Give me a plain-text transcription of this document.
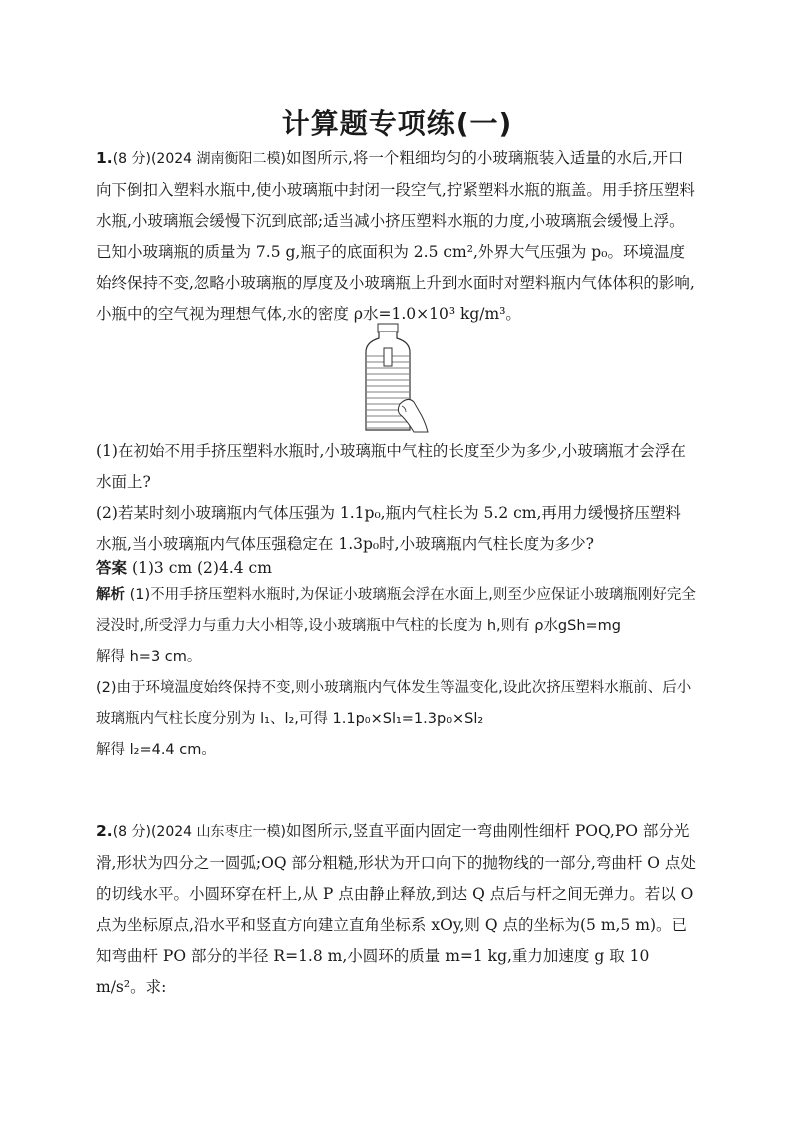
计算题专项练(一)

1.(8 分)(2024 湖南衡阳二模)如图所示,将一个粗细均匀的小玻璃瓶装入适量的水后,开口向下倒扣入塑料水瓶中,使小玻璃瓶中封闭一段空气,拧紧塑料水瓶的瓶盖。用手挤压塑料水瓶,小玻璃瓶会缓慢下沉到底部;适当减小挤压塑料水瓶的力度,小玻璃瓶会缓慢上浮。已知小玻璃瓶的质量为 7.5 g,瓶子的底面积为 2.5 cm²,外界大气压强为 p₀。环境温度始终保持不变,忽略小玻璃瓶的厚度及小玻璃瓶上升到水面时对塑料瓶内气体体积的影响,小瓶中的空气视为理想气体,水的密度 ρ水=1.0×10³ kg/m³。

(1)在初始不用手挤压塑料水瓶时,小玻璃瓶中气柱的长度至少为多少,小玻璃瓶才会浮在水面上?

(2)若某时刻小玻璃瓶内气体压强为 1.1p₀,瓶内气柱长为 5.2 cm,再用力缓慢挤压塑料水瓶,当小玻璃瓶内气体压强稳定在 1.3p₀时,小玻璃瓶内气柱长度为多少?

答案 (1)3 cm (2)4.4 cm

解析 (1)不用手挤压塑料水瓶时,为保证小玻璃瓶会浮在水面上,则至少应保证小玻璃瓶刚好完全浸没时,所受浮力与重力大小相等,设小玻璃瓶中气柱的长度为 h,则有 ρ水gSh=mg

解得 h=3 cm。

(2)由于环境温度始终保持不变,则小玻璃瓶内气体发生等温变化,设此次挤压塑料水瓶前、后小玻璃瓶内气柱长度分别为 l₁、l₂,可得 1.1p₀×Sl₁=1.3p₀×Sl₂

解得 l₂=4.4 cm。

2.(8 分)(2024 山东枣庄一模)如图所示,竖直平面内固定一弯曲刚性细杆 POQ,PO 部分光滑,形状为四分之一圆弧;OQ 部分粗糙,形状为开口向下的抛物线的一部分,弯曲杆 O 点处的切线水平。小圆环穿在杆上,从 P 点由静止释放,到达 Q 点后与杆之间无弹力。若以 O 点为坐标原点,沿水平和竖直方向建立直角坐标系 xOy,则 Q 点的坐标为(5 m,5 m)。已知弯曲杆 PO 部分的半径 R=1.8 m,小圆环的质量 m=1 kg,重力加速度 g 取 10 m/s²。求:
